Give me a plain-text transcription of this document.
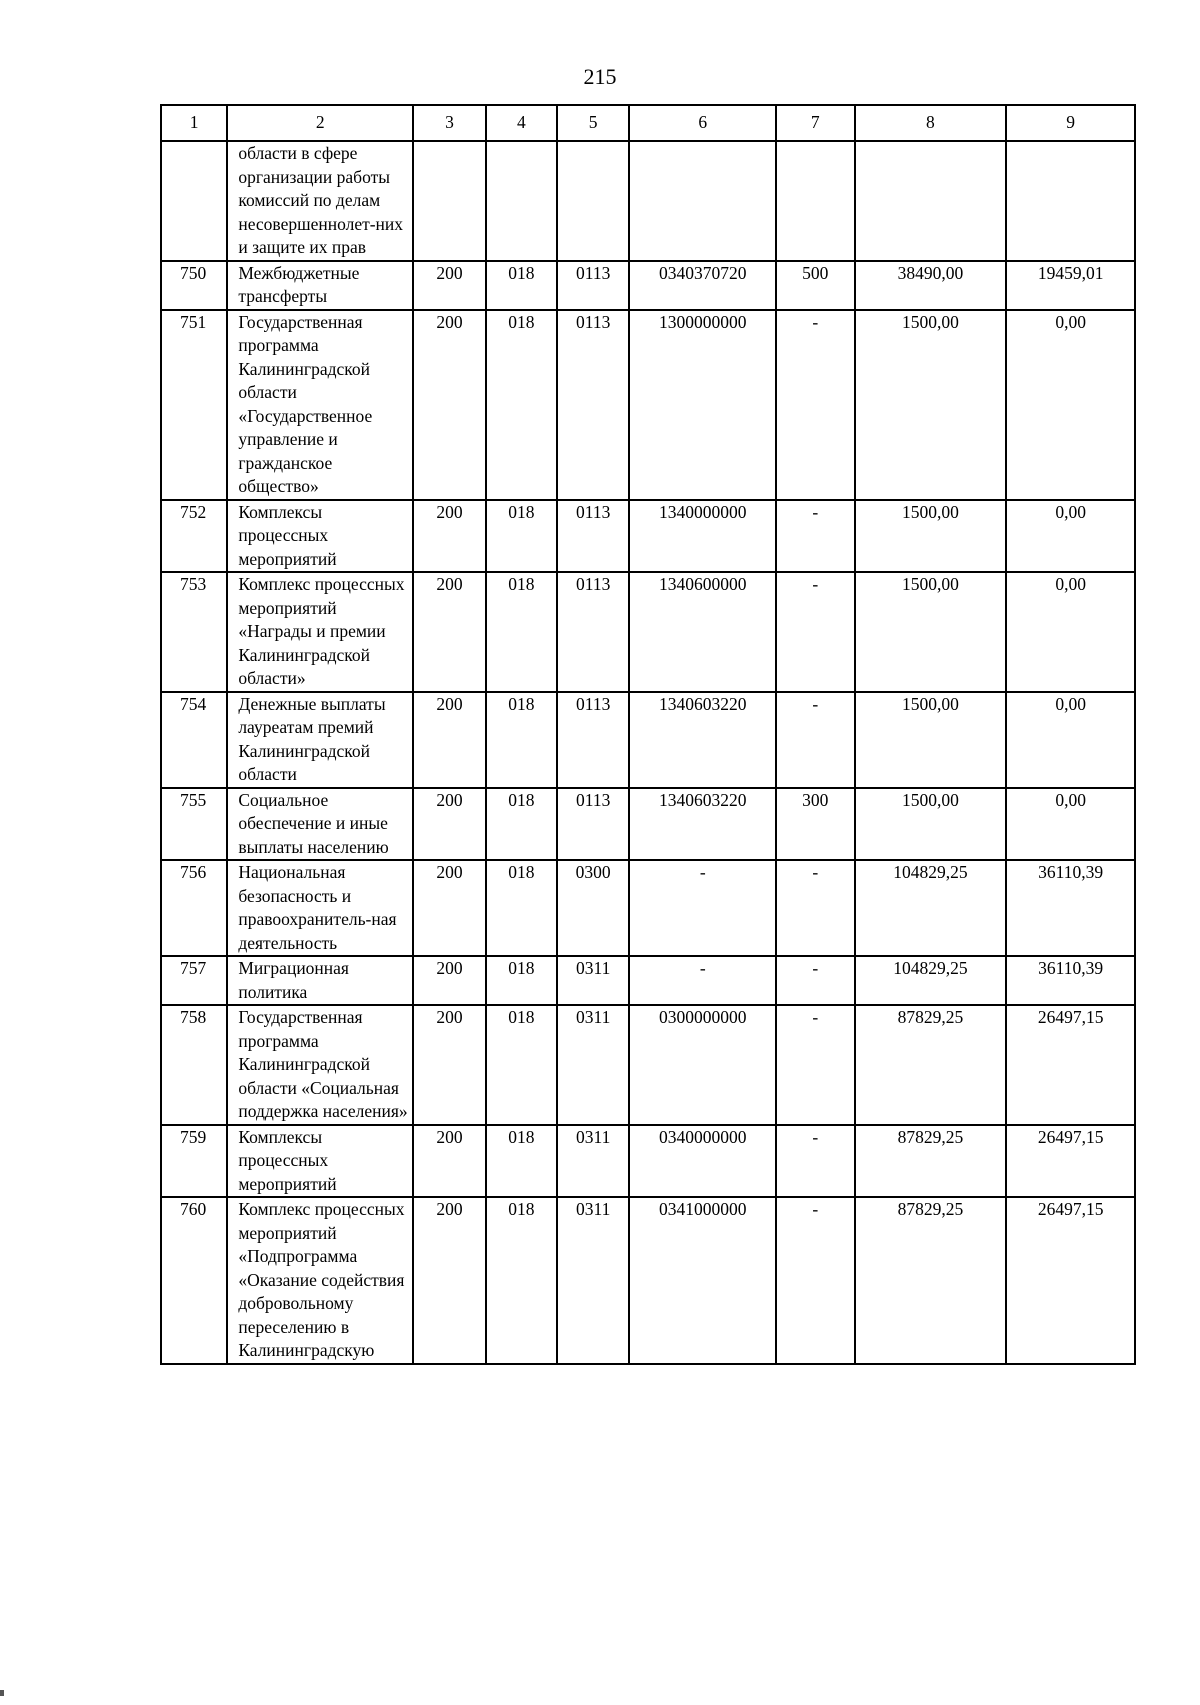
215
1	2	3	4	5	6	7	8	9
	области в сфере организации работы комиссий по делам несовершеннолет-них и защите их прав							
750	Межбюджетные трансферты	200	018	0113	0340370720	500	38490,00	19459,01
751	Государственная программа Калининградской области «Государственное управление и гражданское общество»	200	018	0113	1300000000	-	1500,00	0,00
752	Комплексы процессных мероприятий	200	018	0113	1340000000	-	1500,00	0,00
753	Комплекс процессных мероприятий «Награды и премии Калининградской области»	200	018	0113	1340600000	-	1500,00	0,00
754	Денежные выплаты лауреатам премий Калининградской области	200	018	0113	1340603220	-	1500,00	0,00
755	Социальное обеспечение и иные выплаты населению	200	018	0113	1340603220	300	1500,00	0,00
756	Национальная безопасность и правоохранитель-ная деятельность	200	018	0300	-	-	104829,25	36110,39
757	Миграционная политика	200	018	0311	-	-	104829,25	36110,39
758	Государственная программа Калининградской области «Социальная поддержка населения»	200	018	0311	0300000000	-	87829,25	26497,15
759	Комплексы процессных мероприятий	200	018	0311	0340000000	-	87829,25	26497,15
760	Комплекс процессных мероприятий «Подпрограмма «Оказание содействия добровольному переселению в Калининградскую	200	018	0311	0341000000	-	87829,25	26497,15
